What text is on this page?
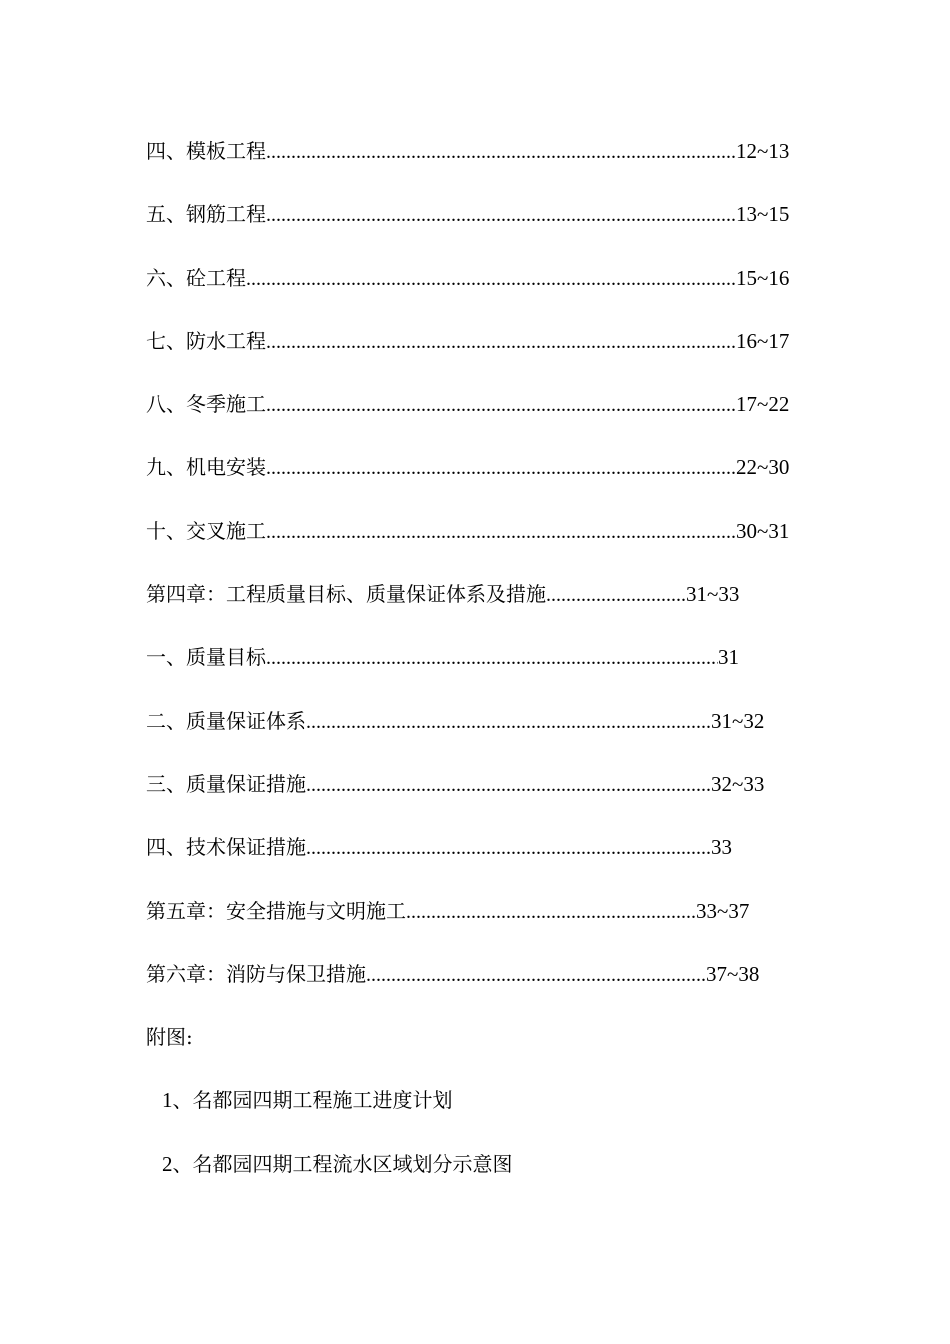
四、模板工程 .....	12~13
五、钢筋工程 .....	13~15
六、砼工程 .....	15~16
七、防水工程 .....	16~17
八、冬季施工 .....	17~22
九、机电安装 .....	22~30
十、交叉施工 .....	30~31
第四章：工程质量目标、质量保证体系及措施 .....	31~33
一、质量目标 .....	31
二、质量保证体系 .....	31~32
三、质量保证措施 .....	32~33
四、技术保证措施 .....	33
第五章：安全措施与文明施工 .....	33~37
第六章：消防与保卫措施 .....	37~38
附图:
1、名都园四期工程施工进度计划
2、名都园四期工程流水区域划分示意图
